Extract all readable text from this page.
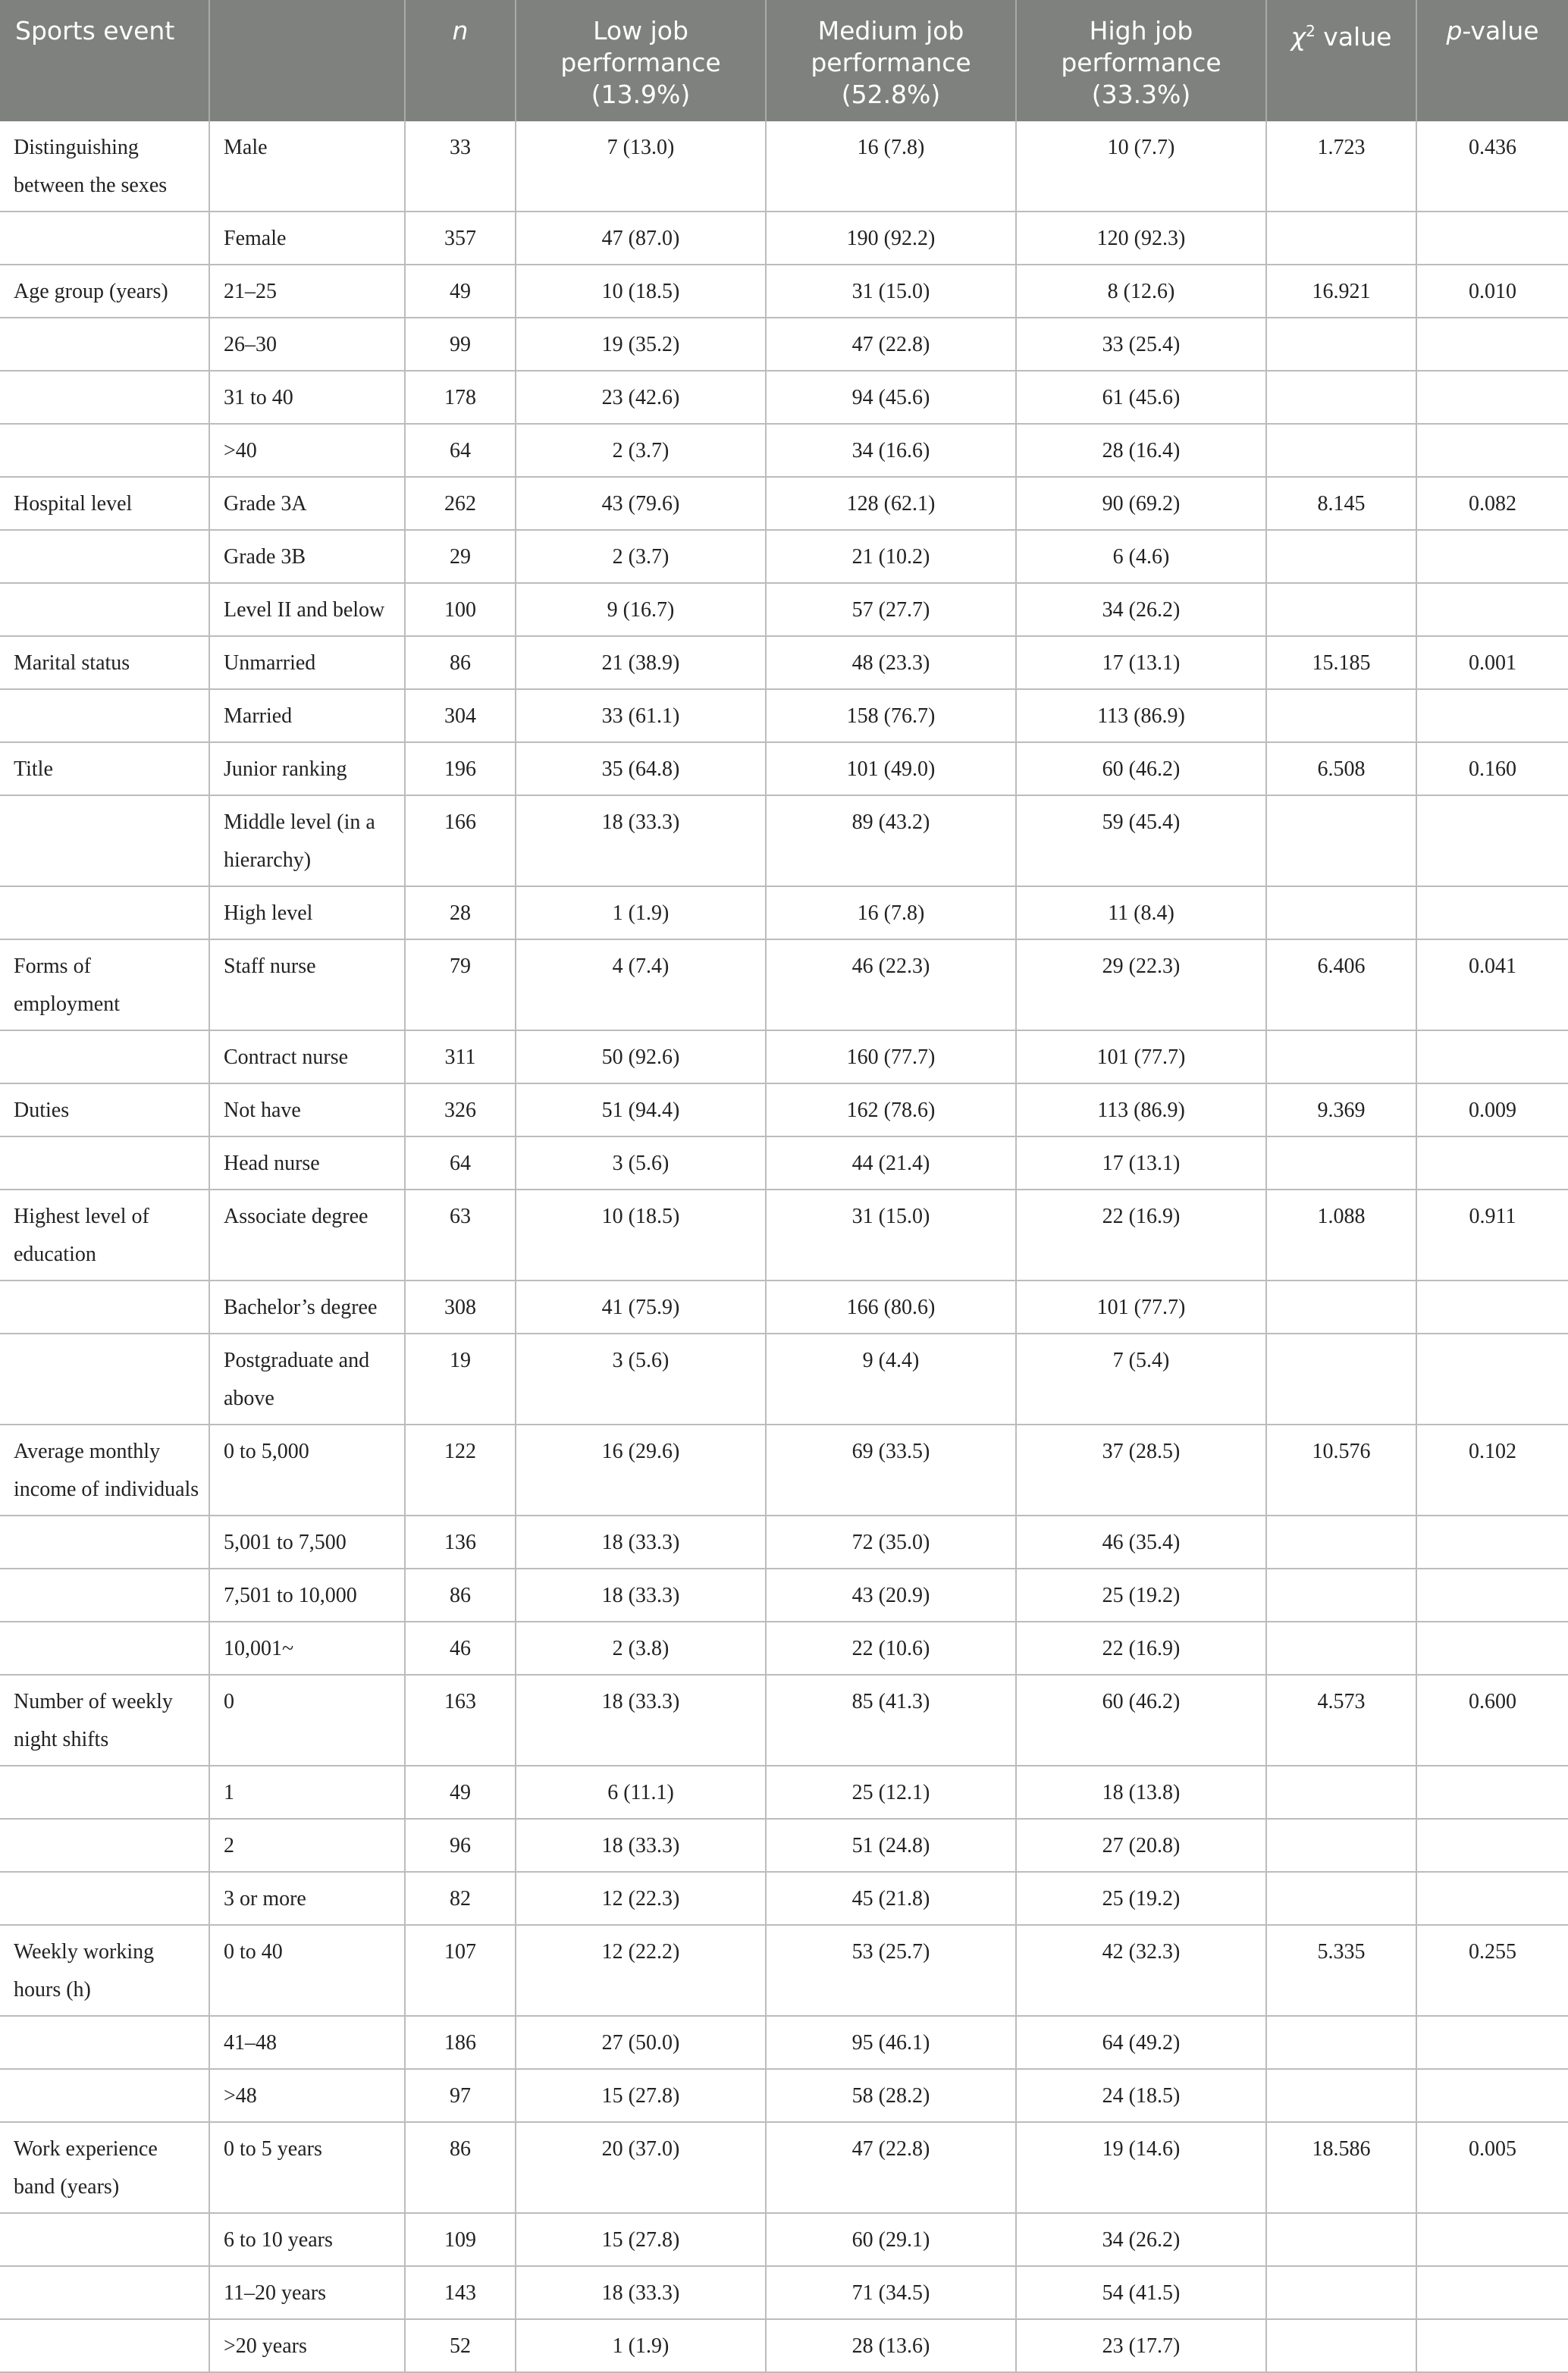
Sports event		n	Low job performance (13.9%)	Medium job performance (52.8%)	High job performance (33.3%)	$\chi^2$ value	p-value
Distinguishing between the sexes	Male	33	7 (13.0)	16 (7.8)	10 (7.7)	1.723	0.436
	Female	357	47 (87.0)	190 (92.2)	120 (92.3)		
Age group (years)	21–25	49	10 (18.5)	31 (15.0)	8 (12.6)	16.921	0.010
	26–30	99	19 (35.2)	47 (22.8)	33 (25.4)		
	31 to 40	178	23 (42.6)	94 (45.6)	61 (45.6)		
	>40	64	2 (3.7)	34 (16.6)	28 (16.4)		
Hospital level	Grade 3A	262	43 (79.6)	128 (62.1)	90 (69.2)	8.145	0.082
	Grade 3B	29	2 (3.7)	21 (10.2)	6 (4.6)		
	Level II and below	100	9 (16.7)	57 (27.7)	34 (26.2)		
Marital status	Unmarried	86	21 (38.9)	48 (23.3)	17 (13.1)	15.185	0.001
	Married	304	33 (61.1)	158 (76.7)	113 (86.9)		
Title	Junior ranking	196	35 (64.8)	101 (49.0)	60 (46.2)	6.508	0.160
	Middle level (in a hierarchy)	166	18 (33.3)	89 (43.2)	59 (45.4)		
	High level	28	1 (1.9)	16 (7.8)	11 (8.4)		
Forms of employment	Staff nurse	79	4 (7.4)	46 (22.3)	29 (22.3)	6.406	0.041
	Contract nurse	311	50 (92.6)	160 (77.7)	101 (77.7)		
Duties	Not have	326	51 (94.4)	162 (78.6)	113 (86.9)	9.369	0.009
	Head nurse	64	3 (5.6)	44 (21.4)	17 (13.1)		
Highest level of education	Associate degree	63	10 (18.5)	31 (15.0)	22 (16.9)	1.088	0.911
	Bachelor’s degree	308	41 (75.9)	166 (80.6)	101 (77.7)		
	Postgraduate and above	19	3 (5.6)	9 (4.4)	7 (5.4)		
Average monthly income of individuals	0 to 5,000	122	16 (29.6)	69 (33.5)	37 (28.5)	10.576	0.102
	5,001 to 7,500	136	18 (33.3)	72 (35.0)	46 (35.4)		
	7,501 to 10,000	86	18 (33.3)	43 (20.9)	25 (19.2)		
	10,001~	46	2 (3.8)	22 (10.6)	22 (16.9)		
Number of weekly night shifts	0	163	18 (33.3)	85 (41.3)	60 (46.2)	4.573	0.600
	1	49	6 (11.1)	25 (12.1)	18 (13.8)		
	2	96	18 (33.3)	51 (24.8)	27 (20.8)		
	3 or more	82	12 (22.3)	45 (21.8)	25 (19.2)		
Weekly working hours (h)	0 to 40	107	12 (22.2)	53 (25.7)	42 (32.3)	5.335	0.255
	41–48	186	27 (50.0)	95 (46.1)	64 (49.2)		
	>48	97	15 (27.8)	58 (28.2)	24 (18.5)		
Work experience band (years)	0 to 5 years	86	20 (37.0)	47 (22.8)	19 (14.6)	18.586	0.005
	6 to 10 years	109	15 (27.8)	60 (29.1)	34 (26.2)		
	11–20 years	143	18 (33.3)	71 (34.5)	54 (41.5)		
	>20 years	52	1 (1.9)	28 (13.6)	23 (17.7)		
